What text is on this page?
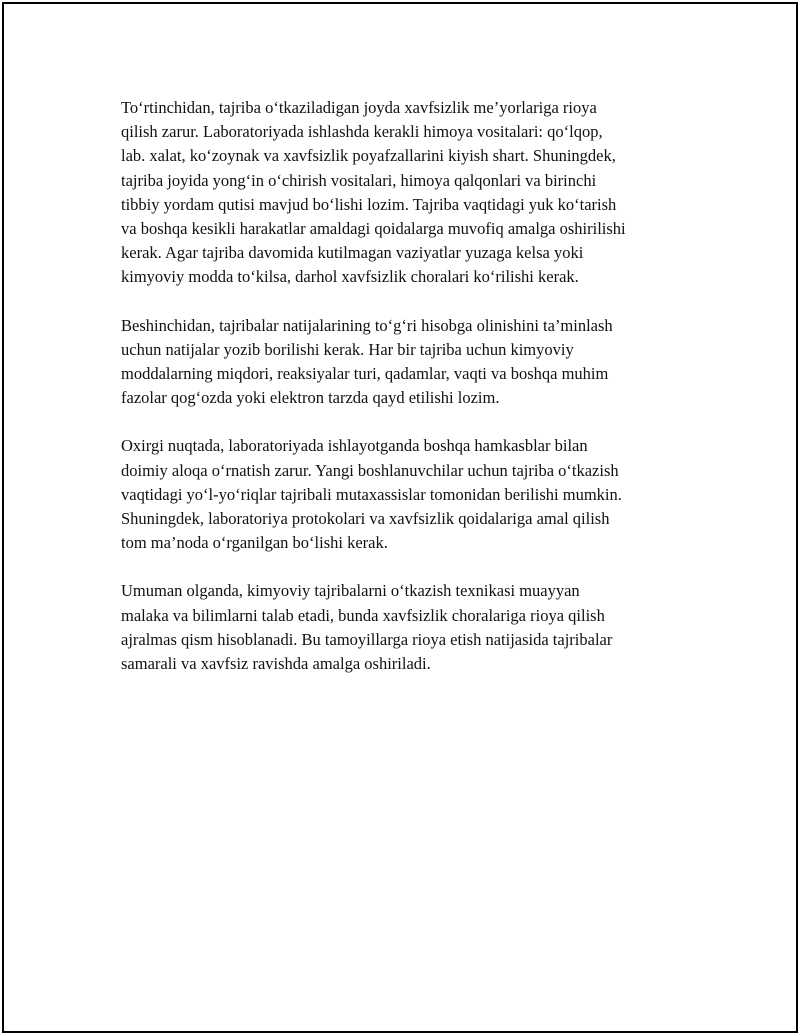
To‘rtinchidan, tajriba o‘tkaziladigan joyda xavfsizlik me’yorlariga rioya
qilish zarur. Laboratoriyada ishlashda kerakli himoya vositalari: qo‘lqop,
lab. xalat, ko‘zoynak va xavfsizlik poyafzallarini kiyish shart. Shuningdek,
tajriba joyida yong‘in o‘chirish vositalari, himoya qalqonlari va birinchi
tibbiy yordam qutisi mavjud bo‘lishi lozim. Tajriba vaqtidagi yuk ko‘tarish
va boshqa kesikli harakatlar amaldagi qoidalarga muvofiq amalga oshirilishi
kerak. Agar tajriba davomida kutilmagan vaziyatlar yuzaga kelsa yoki
kimyoviy modda to‘kilsa, darhol xavfsizlik choralari ko‘rilishi kerak.

Beshinchidan, tajribalar natijalarining to‘g‘ri hisobga olinishini ta’minlash
uchun natijalar yozib borilishi kerak. Har bir tajriba uchun kimyoviy
moddalarning miqdori, reaksiyalar turi, qadamlar, vaqti va boshqa muhim
fazolar qog‘ozda yoki elektron tarzda qayd etilishi lozim.

Oxirgi nuqtada, laboratoriyada ishlayotganda boshqa hamkasblar bilan
doimiy aloqa o‘rnatish zarur. Yangi boshlanuvchilar uchun tajriba o‘tkazish
vaqtidagi yo‘l-yo‘riqlar tajribali mutaxassislar tomonidan berilishi mumkin.
Shuningdek, laboratoriya protokolari va xavfsizlik qoidalariga amal qilish
tom ma’noda o‘rganilgan bo‘lishi kerak.

Umuman olganda, kimyoviy tajribalarni o‘tkazish texnikasi muayyan
malaka va bilimlarni talab etadi, bunda xavfsizlik choralariga rioya qilish
ajralmas qism hisoblanadi. Bu tamoyillarga rioya etish natijasida tajribalar
samarali va xavfsiz ravishda amalga oshiriladi.
